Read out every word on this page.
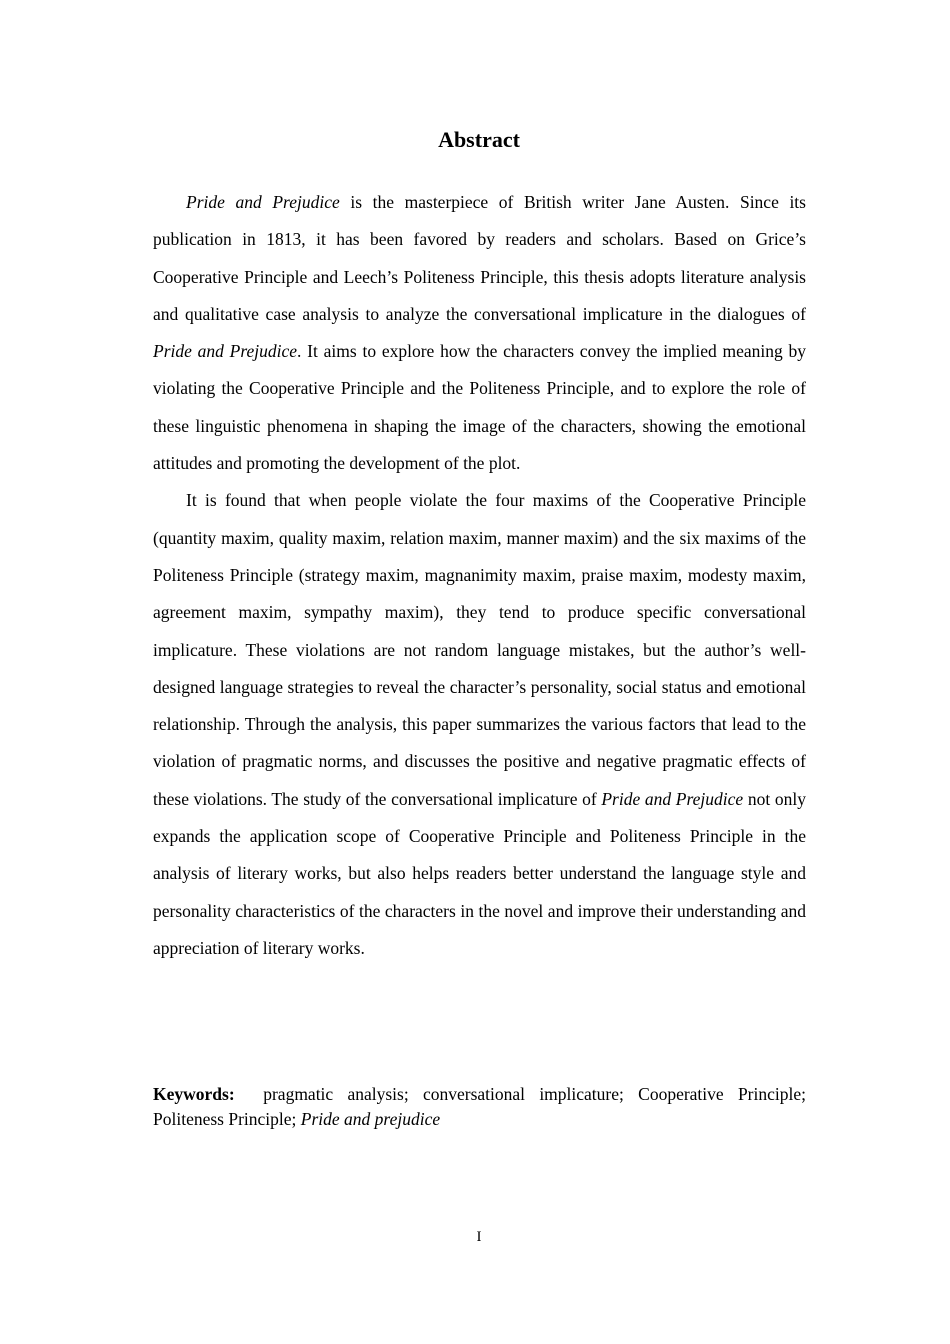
Abstract

Pride and Prejudice is the masterpiece of British writer Jane Austen. Since its publication in 1813, it has been favored by readers and scholars. Based on Grice’s Cooperative Principle and Leech’s Politeness Principle, this thesis adopts literature analysis and qualitative case analysis to analyze the conversational implicature in the dialogues of Pride and Prejudice. It aims to explore how the characters convey the implied meaning by violating the Cooperative Principle and the Politeness Principle, and to explore the role of these linguistic phenomena in shaping the image of the characters, showing the emotional attitudes and promoting the development of the plot.

It is found that when people violate the four maxims of the Cooperative Principle (quantity maxim, quality maxim, relation maxim, manner maxim) and the six maxims of the Politeness Principle (strategy maxim, magnanimity maxim, praise maxim, modesty maxim, agreement maxim, sympathy maxim), they tend to produce specific conversational implicature. These violations are not random language mistakes, but the author’s well-designed language strategies to reveal the character’s personality, social status and emotional relationship. Through the analysis, this paper summarizes the various factors that lead to the violation of pragmatic norms, and discusses the positive and negative pragmatic effects of these violations. The study of the conversational implicature of Pride and Prejudice not only expands the application scope of Cooperative Principle and Politeness Principle in the analysis of literary works, but also helps readers better understand the language style and personality characteristics of the characters in the novel and improve their understanding and appreciation of literary works.

Keywords: pragmatic analysis; conversational implicature; Cooperative Principle; Politeness Principle; Pride and prejudice

I
